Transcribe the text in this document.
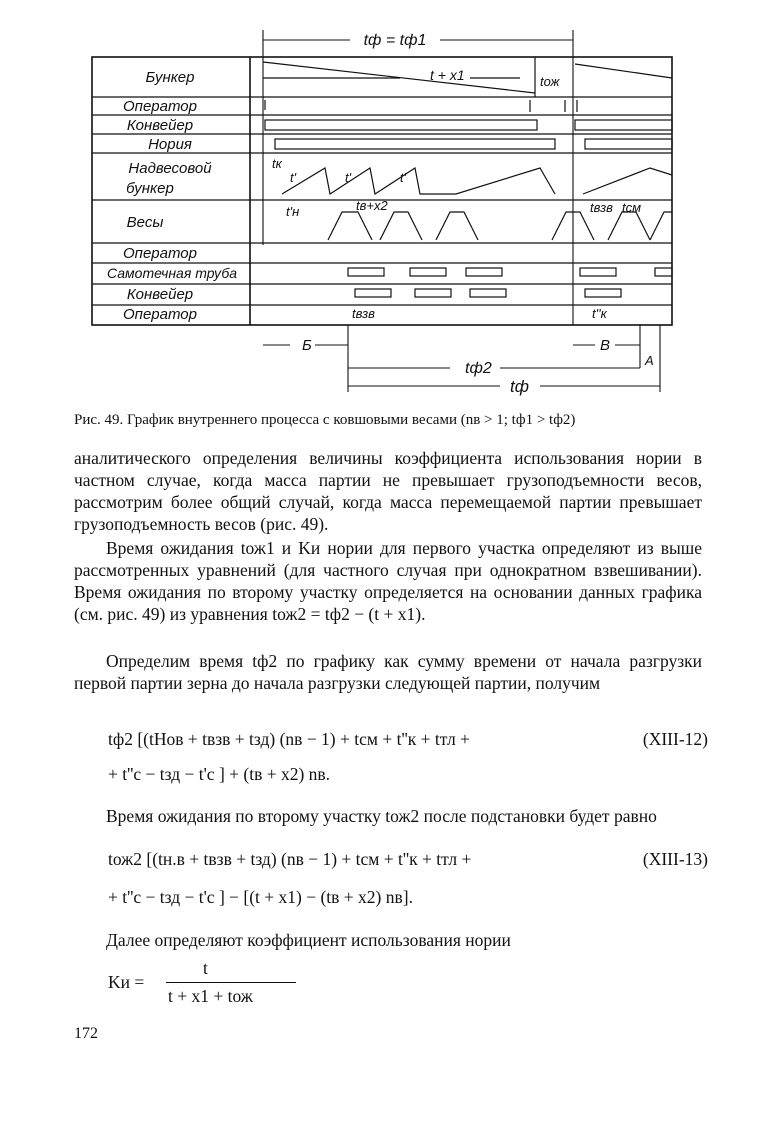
Бункер
Оператор
Конвейер
Нория
Надвесовой
бункер
Весы
Оператор
Самотечная труба
Конвейер
Оператор
tф = tф1
t + x1	tож
tк
t'	t'	t'
t'н	tв+x2	tвзв tсм
tвзв	t''к
Б	В
А
tф2
tф
Рис. 49. График внутреннего процесса с ковшовыми весами (nв > 1; tф1 > tф2)

аналитического определения величины коэффициента использования нории в частном случае, когда масса партии не превышает грузоподъемности весов, рассмотрим более общий случай, когда масса перемещаемой партии превышает грузоподъемность весов (рис. 49).

Время ожидания tож1 и Kи нории для первого участка определяют из выше рассмотренных уравнений (для частного случая при однократном взвешивании). Время ожидания по второму участку определяется на основании данных графика (см. рис. 49) из уравнения tож2 = tф2 − (t + x1).

Определим время tф2 по графику как сумму времени от начала разгрузки первой партии зерна до начала разгрузки следующей партии, получим

tф2 [(tНов + tвзв + tзд) (nв − 1) + tсм + t''к + tтл +	(XIII-12)
+ t''с − tзд − t'с ] + (tв + x2) nв.

Время ожидания по второму участку tож2 после подстановки будет равно

tож2 [(tн.в + tвзв + tзд) (nв − 1) + tсм + t''к + tтл +	(XIII-13)
+ t''с − tзд − t'с ] − [(t + x1) − (tв + x2) nв].

Далее определяют коэффициент использования нории

Kи =
t
t + x1 + tож
172
